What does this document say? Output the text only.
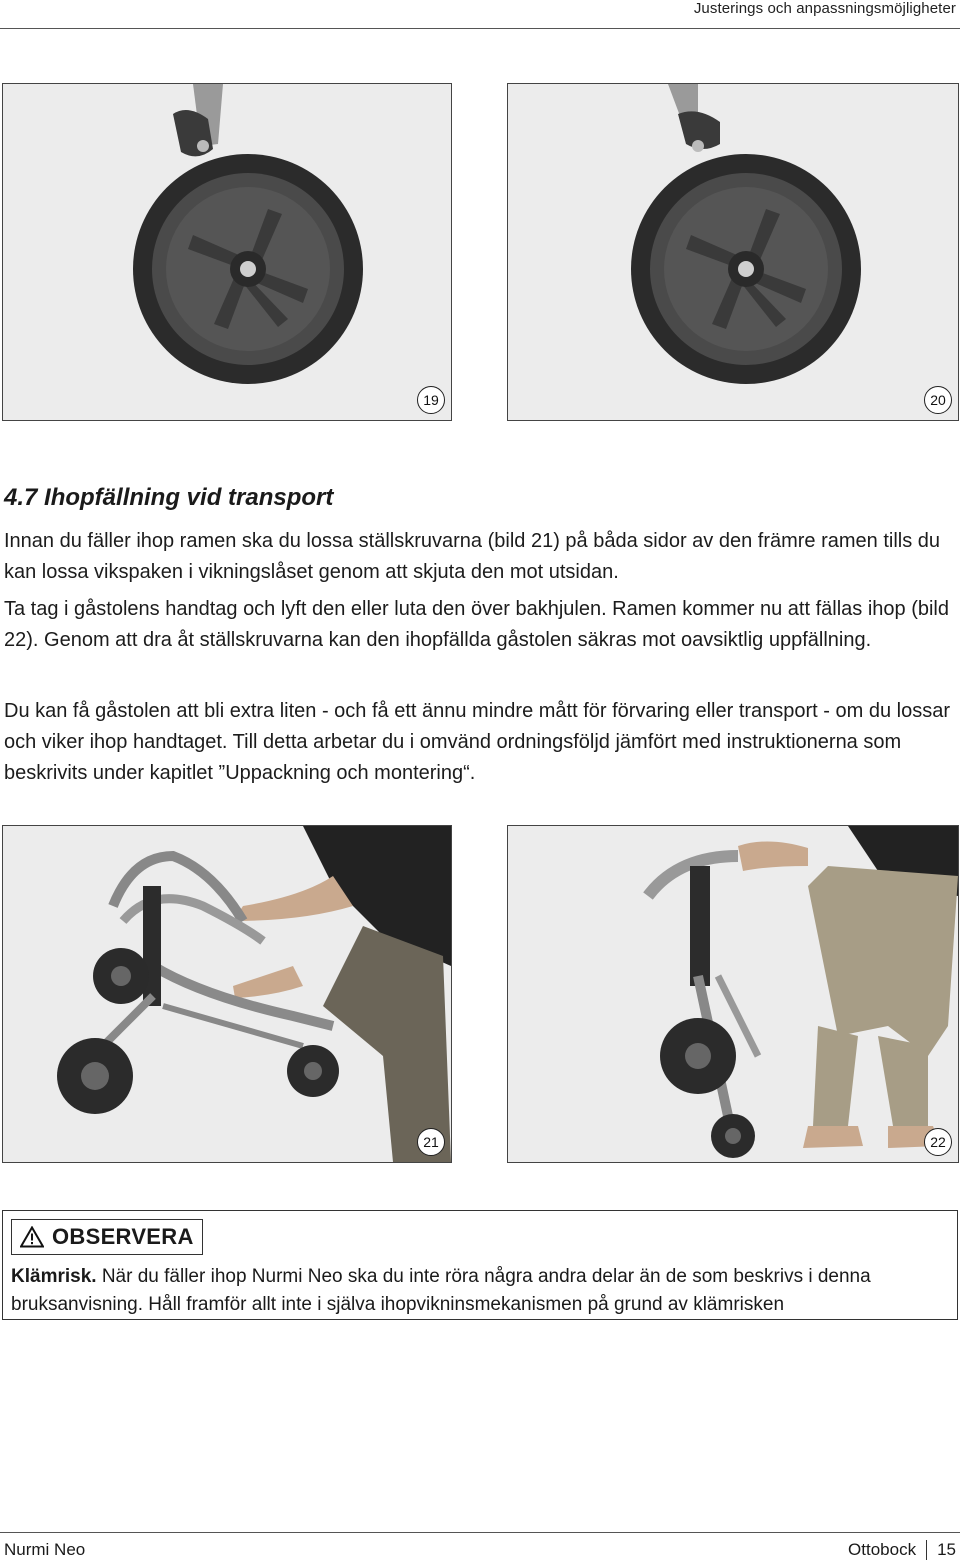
Justerings och anpassningsmöjligheter
19	20
4.7 Ihopfällning vid transport

Innan du fäller ihop ramen ska du lossa ställskruvarna (bild 21) på båda sidor av den främre ramen tills du kan lossa vikspaken i vikningslåset genom att skjuta den mot utsidan.

Ta tag i gåstolens handtag och lyft den eller luta den över bakhjulen. Ramen kommer nu att fällas ihop (bild 22). Genom att dra åt ställskruvarna kan den ihopfällda gåstolen säkras mot oavsiktlig uppfällning.

Du kan få gåstolen att bli extra liten - och få ett ännu mindre mått för förvaring eller transport - om du lossar och viker ihop handtaget. Till detta arbetar du i omvänd ordningsföljd jämfört med instruktionerna som beskrivits under kapitlet ”Uppackning och montering“.

21	22
OBSERVERA

Klämrisk. När du fäller ihop Nurmi Neo ska du inte röra några andra delar än de som beskrivs i denna bruksanvisning. Håll framför allt inte i själva ihopvikninsmekanismen på grund av klämrisken

Nurmi Neo	Ottobock 15
